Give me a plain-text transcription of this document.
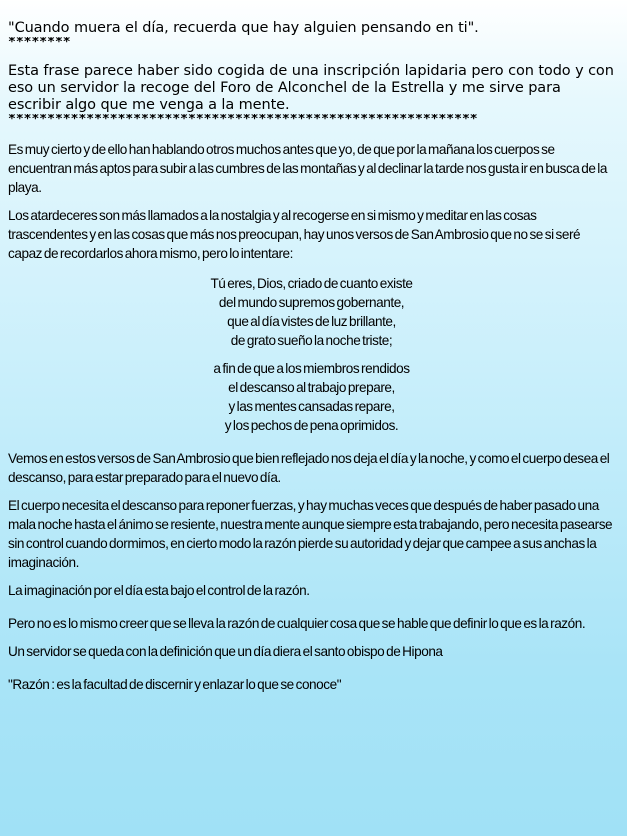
"Cuando muera el día, recuerda que hay alguien pensando en ti".
********
Esta frase parece haber sido cogida de una inscripción lapidaria pero con todo y con eso un servidor la recoge del Foro de Alconchel de la Estrella y me sirve para escribir algo que me venga a la mente.
************************************************************

Es muy cierto y de ello han hablando otros muchos antes que yo, de que por la mañana los cuerpos se encuentran más aptos para subir a las cumbres de las montañas y al declinar la tarde nos gusta ir en busca de la playa.

Los atardeceres son más llamados a la nostalgia y al recogerse en si mismo y meditar en las cosas trascendentes y en las cosas que más nos preocupan, hay unos versos de San Ambrosio que no se si seré capaz de recordarlos ahora mismo, pero lo intentare:

Tú eres, Dios, criado de cuanto existe
del mundo supremos gobernante,
que al día vistes de luz brillante,
de grato sueño la noche triste;
a fin de que a los miembros rendidos
el descanso al trabajo prepare,
y las mentes cansadas repare,
y los pechos de pena oprimidos.

Vemos en estos versos de San Ambrosio que bien reflejado nos deja el día y la noche, y como el cuerpo desea el descanso, para estar preparado para el nuevo día.

El cuerpo necesita el descanso para reponer fuerzas, y hay muchas veces que después de haber pasado una mala noche hasta el ánimo se resiente, nuestra mente aunque siempre esta trabajando, pero necesita pasearse sin control cuando dormimos, en cierto modo la razón pierde su autoridad y dejar que campee a sus anchas la imaginación.

La imaginación por el día esta bajo el control de la razón.

Pero no es lo mismo creer que se lleva la razón de cualquier cosa que se hable que definir lo que es la razón.

Un servidor se queda con la definición que un día diera el santo obispo de Hipona

"Razón : es la facultad de discernir y enlazar lo que se conoce"
